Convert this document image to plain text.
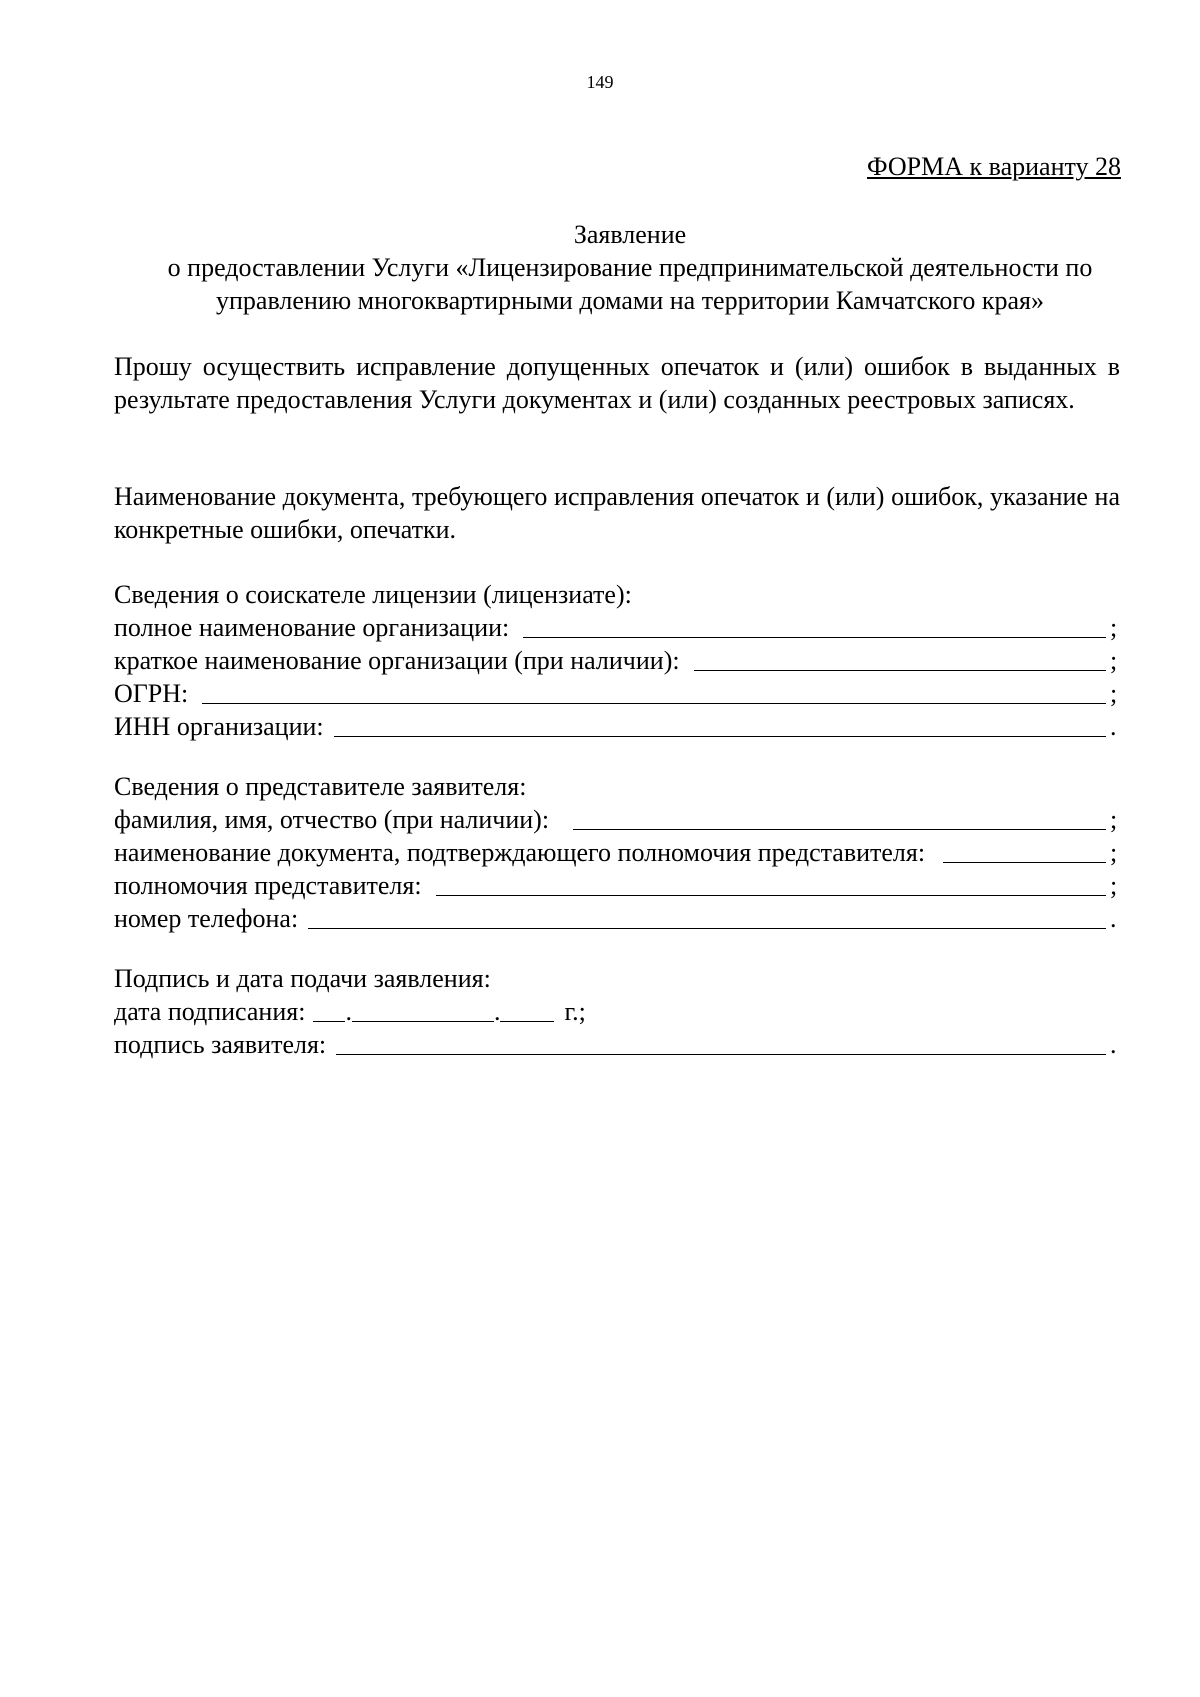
149
ФОРМА к варианту 28
Заявление
о предоставлении Услуги «Лицензирование предпринимательской деятельности по
управлению многоквартирными домами на территории Камчатского края»
Прошу осуществить исправление допущенных опечаток и (или) ошибок в выданных в результате предоставления Услуги документах и (или) созданных реестровых записях.
Наименование документа, требующего исправления опечаток и (или) ошибок, указание на конкретные ошибки, опечатки.
Сведения о соискателе лицензии (лицензиате):
полное наименование организации:	;
краткое наименование организации (при наличии):	;
ОГРН:	;
ИНН организации:	.
Сведения о представителе заявителя:
фамилия, имя, отчество (при наличии):	;
наименование документа, подтверждающего полномочия представителя:	;
полномочия представителя:	;
номер телефона:	.
Подпись и дата подачи заявления:
дата подписания: .	. г.;
подпись заявителя:	.
